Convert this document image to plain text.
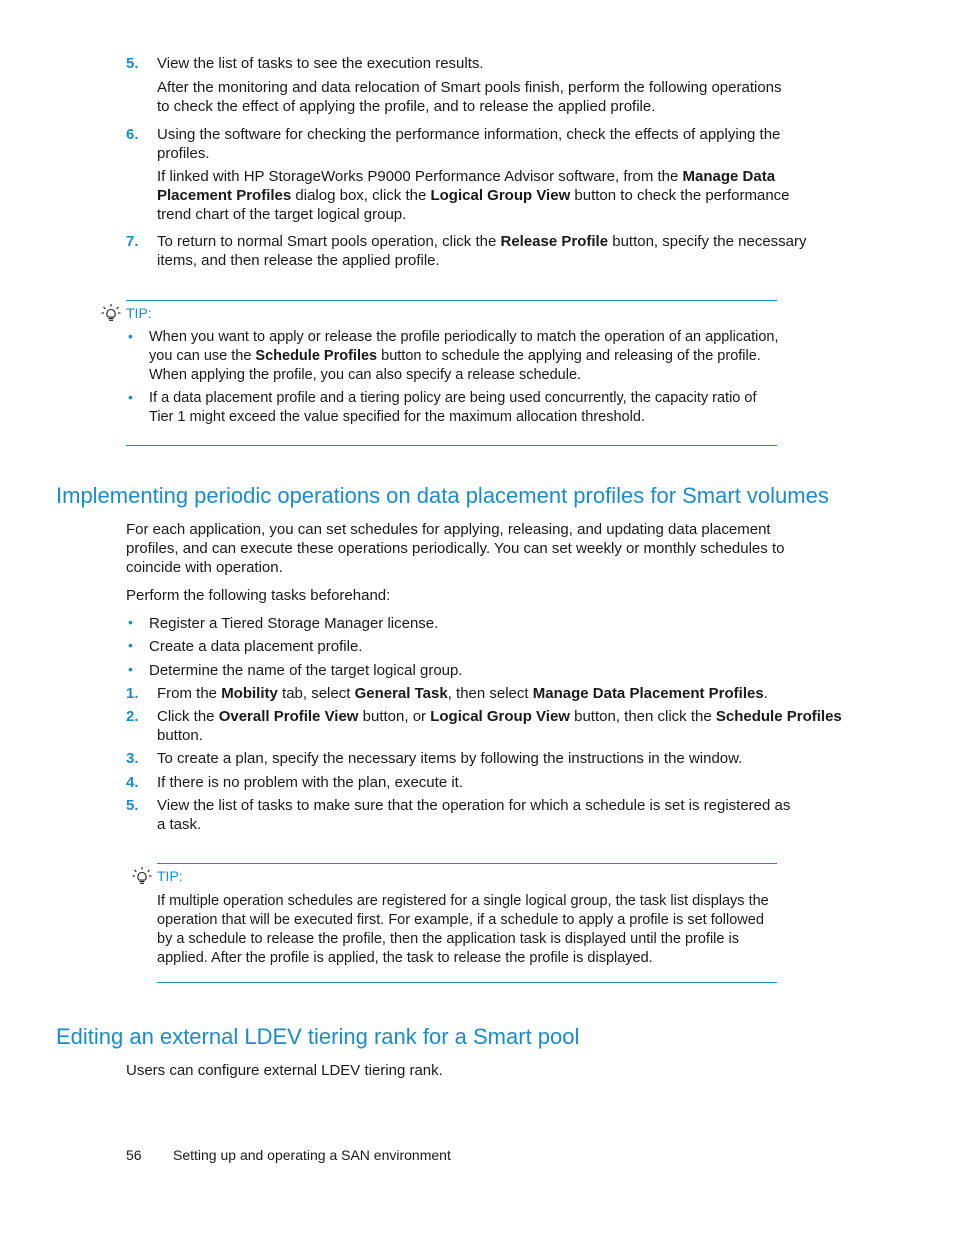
5. View the list of tasks to see the execution results.

After the monitoring and data relocation of Smart pools finish, perform the following operations

to check the effect of applying the profile, and to release the applied profile.

6. Using the software for checking the performance information, check the effects of applying the

profiles.

If linked with HP StorageWorks P9000 Performance Advisor software, from the Manage Data

Placement Profiles dialog box, click the Logical Group View button to check the performance

trend chart of the target logical group.

7. To return to normal Smart pools operation, click the Release Profile button, specify the necessary

items, and then release the applied profile.

TIP:
• When you want to apply or release the profile periodically to match the operation of an application,

you can use the Schedule Profiles button to schedule the applying and releasing of the profile.

When applying the profile, you can also specify a release schedule.

• If a data placement profile and a tiering policy are being used concurrently, the capacity ratio of

Tier 1 might exceed the value specified for the maximum allocation threshold.

Implementing periodic operations on data placement profiles for Smart volumes

For each application, you can set schedules for applying, releasing, and updating data placement

profiles, and can execute these operations periodically. You can set weekly or monthly schedules to

coincide with operation.

Perform the following tasks beforehand:
• Register a Tiered Storage Manager license.
• Create a data placement profile.
• Determine the name of the target logical group.
1. From the Mobility tab, select General Task, then select Manage Data Placement Profiles.

2. Click the Overall Profile View button, or Logical Group View button, then click the Schedule Profiles

button.

3. To create a plan, specify the necessary items by following the instructions in the window.
4. If there is no problem with the plan, execute it.
5. View the list of tasks to make sure that the operation for which a schedule is set is registered as

a task.

TIP:

If multiple operation schedules are registered for a single logical group, the task list displays the

operation that will be executed first. For example, if a schedule to apply a profile is set followed

by a schedule to release the profile, then the application task is displayed until the profile is

applied. After the profile is applied, the task to release the profile is displayed.

Editing an external LDEV tiering rank for a Smart pool
Users can configure external LDEV tiering rank.
56 Setting up and operating a SAN environment
